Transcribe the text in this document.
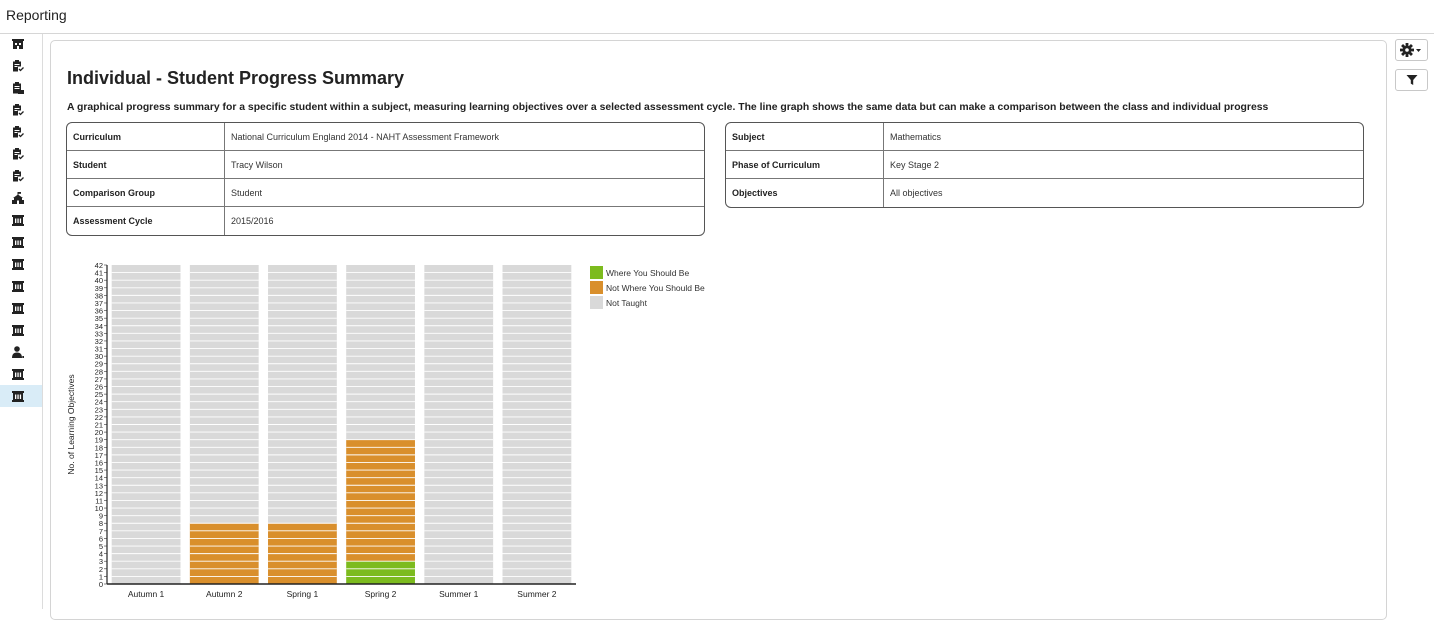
Reporting
Individual - Student Progress Summary
A graphical progress summary for a specific student within a subject, measuring learning objectives over a selected assessment cycle. The line graph shows the same data but can make a comparison between the class and individual progress
Curriculum	National Curriculum England 2014 - NAHT Assessment Framework
Student	Tracy Wilson
Comparison Group	Student
Assessment Cycle	2015/2016
Subject	Mathematics
Phase of Curriculum	Key Stage 2
Objectives	All objectives
Autumn 1	Autumn 2	Spring 1	Spring 2	Summer 1	Summer 2
0
1
2
3
4
5
6
7
8
9
10
11
12
13
14
15
16
17
18
19
20
21
22
23
24
25
26
27
28
29
30
31
32
33
34
35
36
37
38
39
40
41
42
No. of Learning Objectives
Where You Should Be
Not Where You Should Be
Not Taught
